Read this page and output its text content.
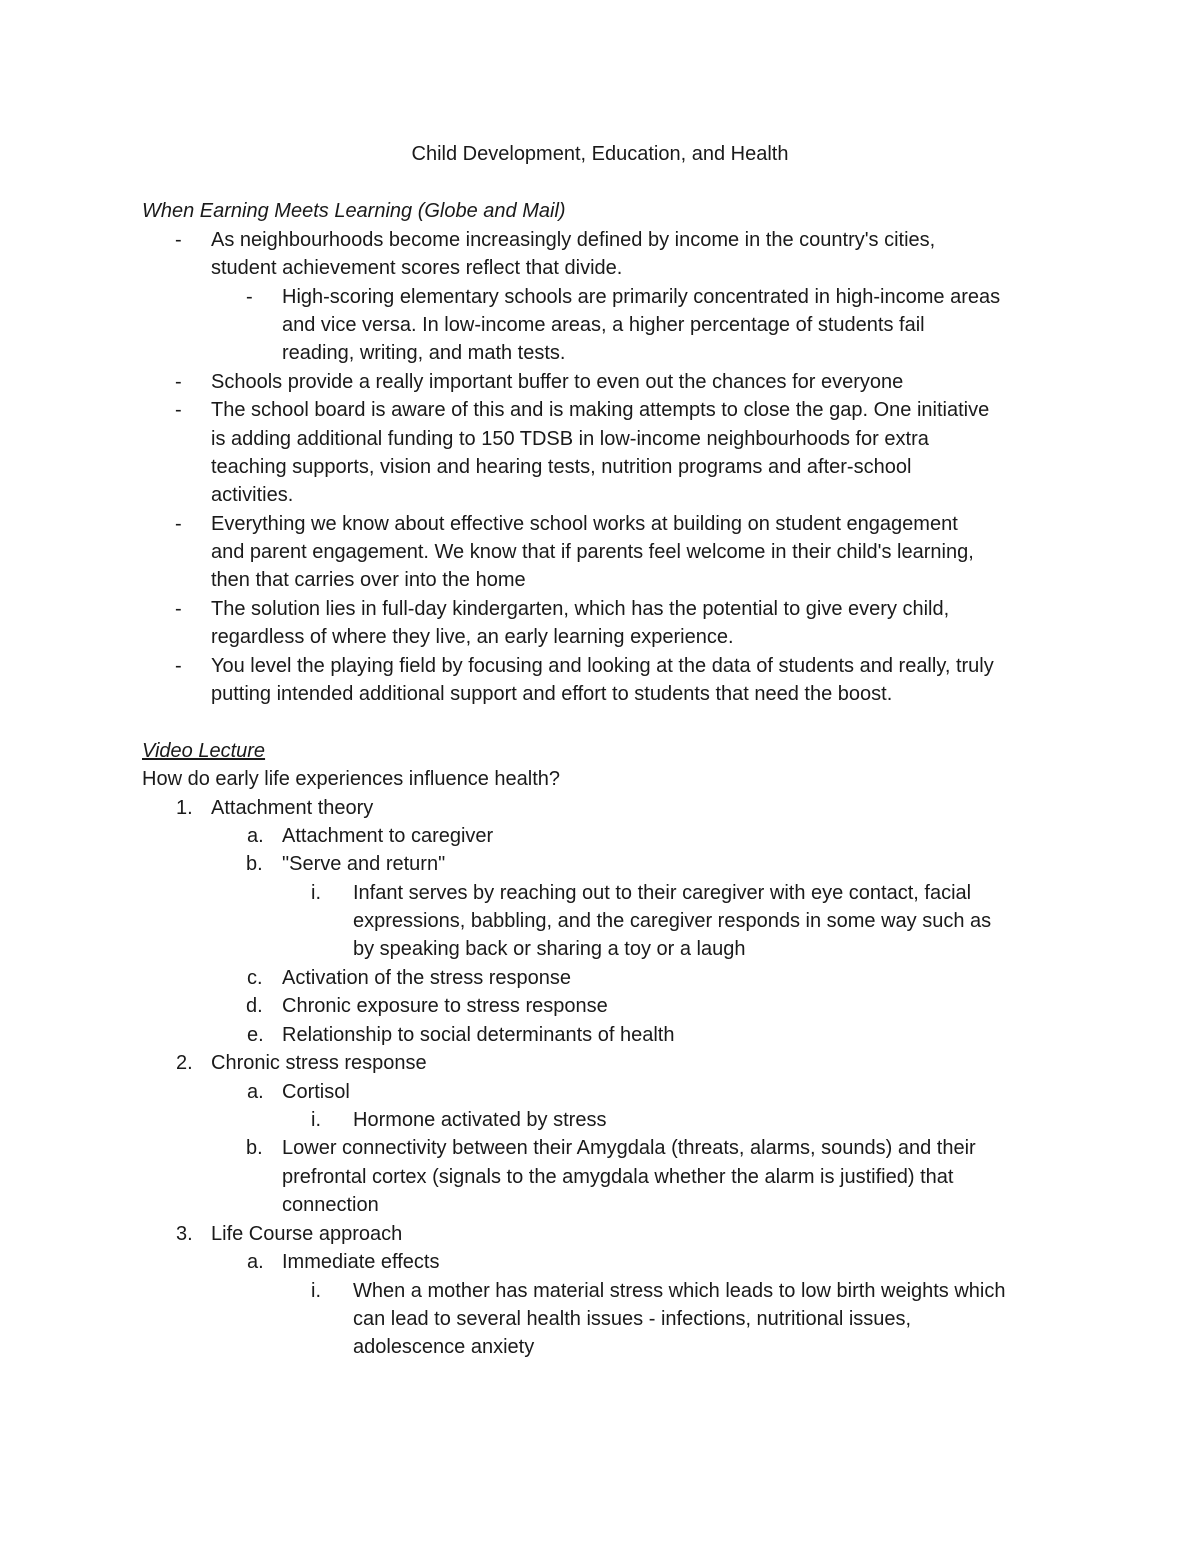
Child Development, Education, and Health
When Earning Meets Learning (Globe and Mail)
- As neighbourhoods become increasingly defined by income in the country's cities,
student achievement scores reflect that divide.
- High-scoring elementary schools are primarily concentrated in high-income areas
and vice versa. In low-income areas, a higher percentage of students fail
reading, writing, and math tests.
- Schools provide a really important buffer to even out the chances for everyone
- The school board is aware of this and is making attempts to close the gap. One initiative
is adding additional funding to 150 TDSB in low-income neighbourhoods for extra
teaching supports, vision and hearing tests, nutrition programs and after-school
activities.
- Everything we know about effective school works at building on student engagement
and parent engagement. We know that if parents feel welcome in their child's learning,
then that carries over into the home
- The solution lies in full-day kindergarten, which has the potential to give every child,
regardless of where they live, an early learning experience.
- You level the playing field by focusing and looking at the data of students and really, truly
putting intended additional support and effort to students that need the boost.
Video Lecture
How do early life experiences influence health?
1. Attachment theory
a. Attachment to caregiver
b. "Serve and return"
i. Infant serves by reaching out to their caregiver with eye contact, facial
expressions, babbling, and the caregiver responds in some way such as
by speaking back or sharing a toy or a laugh
c. Activation of the stress response
d. Chronic exposure to stress response
e. Relationship to social determinants of health
2. Chronic stress response
a. Cortisol
i. Hormone activated by stress
b. Lower connectivity between their Amygdala (threats, alarms, sounds) and their
prefrontal cortex (signals to the amygdala whether the alarm is justified) that
connection
3. Life Course approach
a. Immediate effects
i. When a mother has material stress which leads to low birth weights which
can lead to several health issues - infections, nutritional issues,
adolescence anxiety
